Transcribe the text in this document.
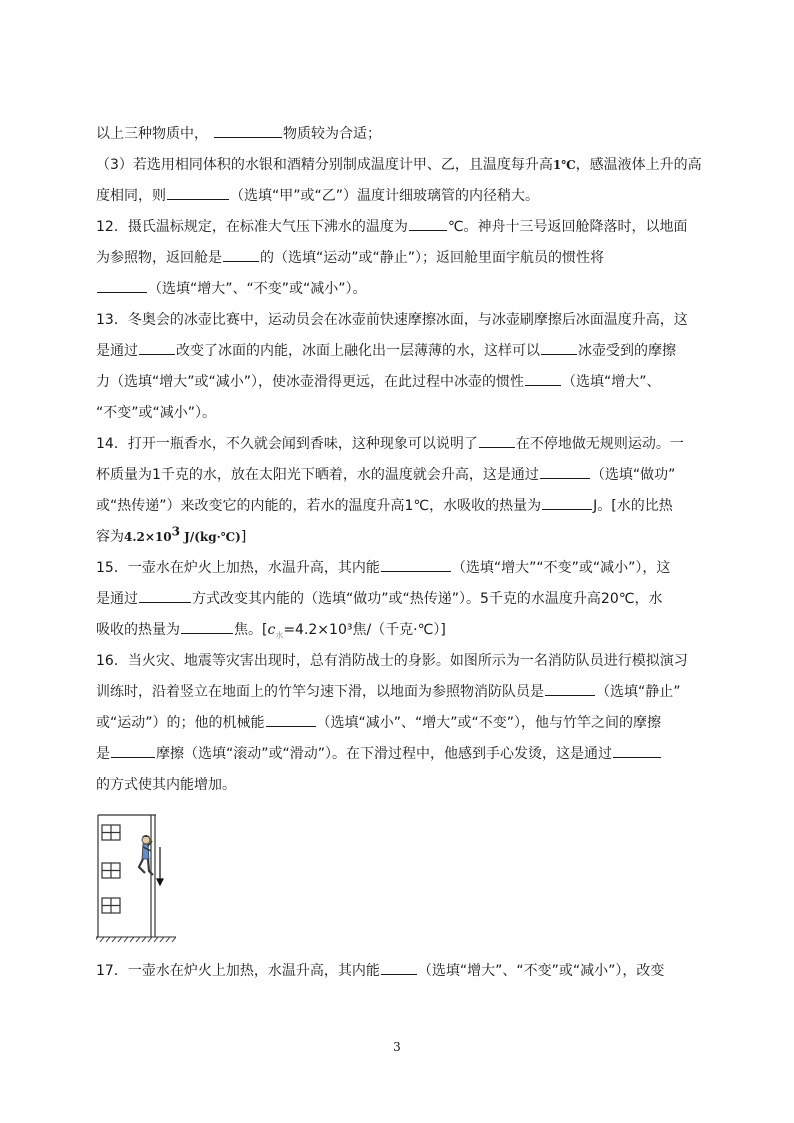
以上三种物质中，	物质较为合适；
（3）若选用相同体积的水银和酒精分别制成温度计甲、乙，且温度每升高1℃，感温液体上升的高
度相同，则	（选填“甲”或“乙”）温度计细玻璃管的内径稍大。
12．摄氏温标规定，在标准大气压下沸水的温度为	℃。神舟十三号返回舱降落时，以地面
为参照物，返回舱是	的（选填“运动”或“静止”）；返回舱里面宇航员的惯性将
（选填“增大”、“不变”或“减小”）。
13．冬奥会的冰壶比赛中，运动员会在冰壶前快速摩擦冰面，与冰壶刷摩擦后冰面温度升高，这
是通过	改变了冰面的内能，冰面上融化出一层薄薄的水，这样可以	冰壶受到的摩擦
力（选填“增大”或“减小”），使冰壶滑得更远，在此过程中冰壶的惯性	（选填“增大”、
“不变”或“减小”）。
14．打开一瓶香水，不久就会闻到香味，这种现象可以说明了	在不停地做无规则运动。一
杯质量为1千克的水，放在太阳光下晒着，水的温度就会升高，这是通过	（选填“做功”
或“热传递”）来改变它的内能的，若水的温度升高1℃，水吸收的热量为	J。[水的比热
容为4.2×103 J/(kg·℃)]
15．一壶水在炉火上加热，水温升高，其内能	（选填“增大”“不变”或“减小”），这
是通过	方式改变其内能的（选填“做功”或“热传递”）。5千克的水温度升高20℃，水
吸收的热量为	焦。[$c_水=4.2\times 10^3$焦/（千克·℃）]
16．当火灾、地震等灾害出现时，总有消防战士的身影。如图所示为一名消防队员进行模拟演习
训练时，沿着竖立在地面上的竹竿匀速下滑，以地面为参照物消防队员是	（选填“静止”
或“运动”）的；他的机械能	（选填“减小”、“增大”或“不变”），他与竹竿之间的摩擦
是	摩擦（选填“滚动”或“滑动”）。在下滑过程中，他感到手心发烫，这是通过
的方式使其内能增加。
17．一壶水在炉火上加热，水温升高，其内能	（选填“增大”、“不变”或“减小”），改变
3
